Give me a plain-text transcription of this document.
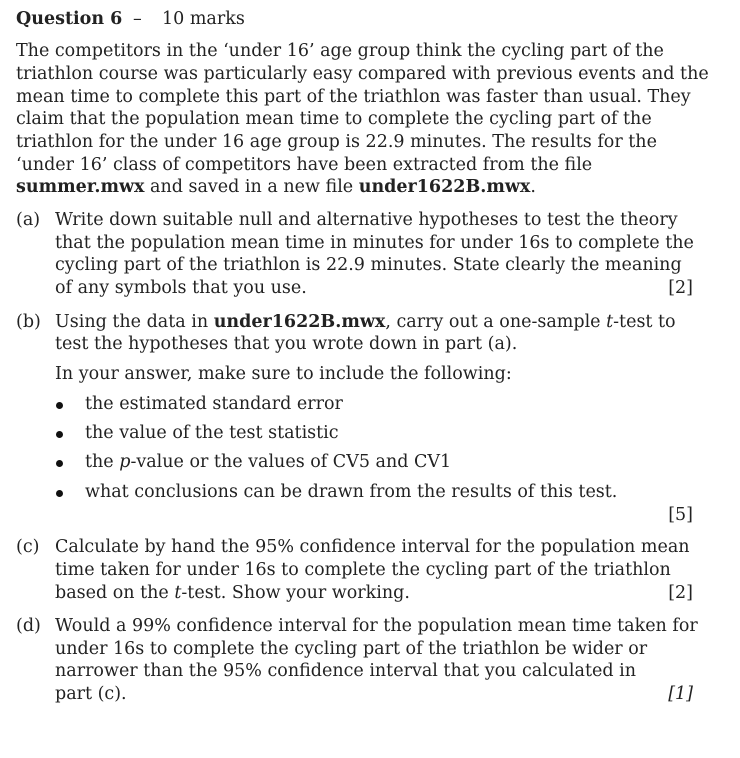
Question 6 – 10 marks
The competitors in the ‘under 16’ age group think the cycling part of the
triathlon course was particularly easy compared with previous events and the
mean time to complete this part of the triathlon was faster than usual. They
claim that the population mean time to complete the cycling part of the
triathlon for the under 16 age group is 22.9 minutes. The results for the
‘under 16’ class of competitors have been extracted from the file
summer.mwx and saved in a new file under1622B.mwx.
(a) Write down suitable null and alternative hypotheses to test the theory
that the population mean time in minutes for under 16s to complete the
cycling part of the triathlon is 22.9 minutes. State clearly the meaning
of any symbols that you use.	[2]
(b) Using the data in under1622B.mwx, carry out a one-sample t-test to
test the hypotheses that you wrote down in part (a).
In your answer, make sure to include the following:
the estimated standard error
the value of the test statistic
the p-value or the values of CV5 and CV1
what conclusions can be drawn from the results of this test.
[5]
(c) Calculate by hand the 95% confidence interval for the population mean
time taken for under 16s to complete the cycling part of the triathlon
based on the t-test. Show your working.	[2]
(d) Would a 99% confidence interval for the population mean time taken for
under 16s to complete the cycling part of the triathlon be wider or
narrower than the 95% confidence interval that you calculated in
part (c).	[1]
